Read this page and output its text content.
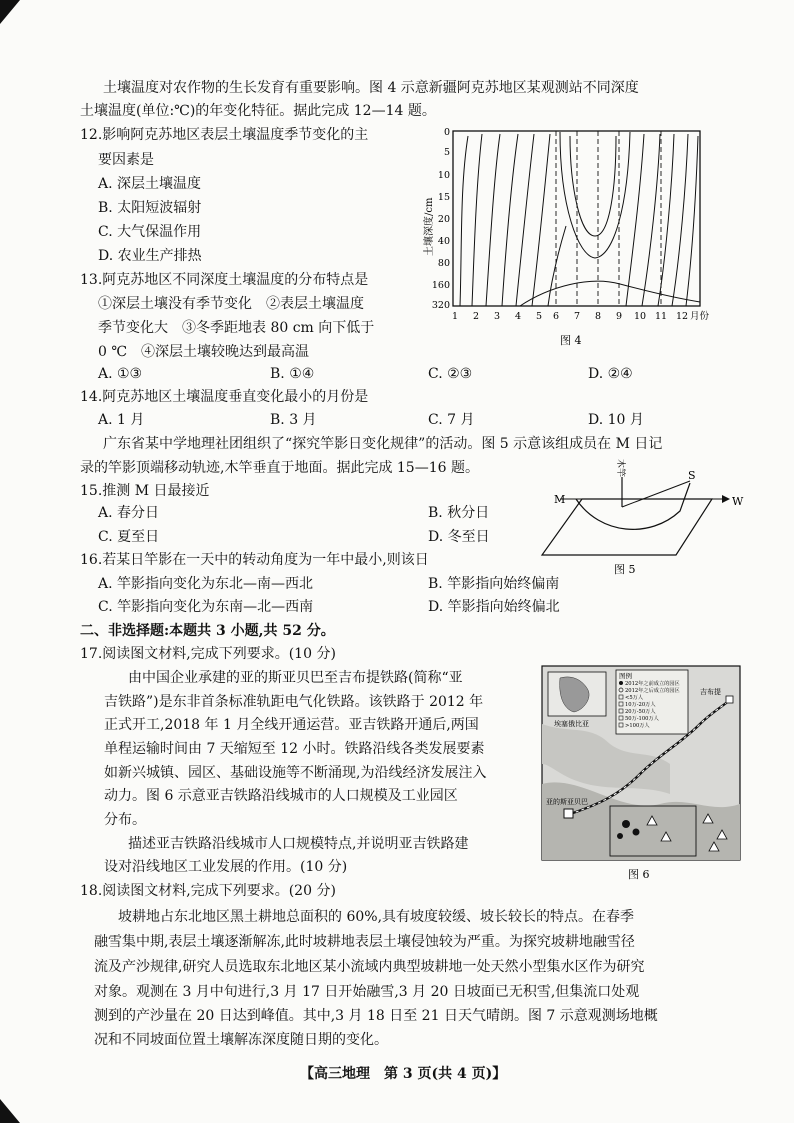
土壤温度对农作物的生长发育有重要影响。图 4 示意新疆阿克苏地区某观测站不同深度
土壤温度(单位:℃)的年变化特征。据此完成 12—14 题。
12.影响阿克苏地区表层土壤温度季节变化的主
要因素是
A. 深层土壤温度
B. 太阳短波辐射
C. 大气保温作用
D. 农业生产排热
13.阿克苏地区不同深度土壤温度的分布特点是
①深层土壤没有季节变化　②表层土壤温度
季节变化大　③冬季距地表 80 cm 向下低于
0 ℃　④深层土壤较晚达到最高温
A. ①③	B. ①④	C. ②③	D. ②④
14.阿克苏地区土壤温度垂直变化最小的月份是
A. 1 月	B. 3 月	C. 7 月	D. 10 月
广东省某中学地理社团组织了“探究竿影日变化规律”的活动。图 5 示意该组成员在 M 日记
录的竿影顶端移动轨迹,木竿垂直于地面。据此完成 15—16 题。
15.推测 M 日最接近
A. 春分日	B. 秋分日
C. 夏至日	D. 冬至日
16.若某日竿影在一天中的转动角度为一年中最小,则该日
A. 竿影指向变化为东北—南—西北	B. 竿影指向始终偏南
C. 竿影指向变化为东南—北—西南	D. 竿影指向始终偏北
二、非选择题:本题共 3 小题,共 52 分。
17.阅读图文材料,完成下列要求。(10 分)
由中国企业承建的亚的斯亚贝巴至吉布提铁路(简称“亚
吉铁路”)是东非首条标准轨距电气化铁路。该铁路于 2012 年
正式开工,2018 年 1 月全线开通运营。亚吉铁路开通后,两国
单程运输时间由 7 天缩短至 12 小时。铁路沿线各类发展要素
如新兴城镇、园区、基础设施等不断涌现,为沿线经济发展注入
动力。图 6 示意亚吉铁路沿线城市的人口规模及工业园区
分布。
描述亚吉铁路沿线城市人口规模特点,并说明亚吉铁路建
设对沿线地区工业发展的作用。(10 分)
18.阅读图文材料,完成下列要求。(20 分)
坡耕地占东北地区黑土耕地总面积的 60%,具有坡度较缓、坡长较长的特点。在春季
融雪集中期,表层土壤逐渐解冻,此时坡耕地表层土壤侵蚀较为严重。为探究坡耕地融雪径
流及产沙规律,研究人员选取东北地区某小流域内典型坡耕地一处天然小型集水区作为研究
对象。观测在 3 月中旬进行,3 月 17 日开始融雪,3 月 20 日坡面已无积雪,但集流口处观
测到的产沙量在 20 日达到峰值。其中,3 月 18 日至 21 日天气晴朗。图 7 示意观测场地概
况和不同坡面位置土壤解冻深度随日期的变化。
【高三地理　第 3 页(共 4 页)】
土壤深度/cm
0
5
10
15
20
40
80
160
320
1 2 3 4 5 6 7 8 9 10 11 12 月份
图 4
木竿
M
S
W
图 5
埃塞俄比亚
图例
2012年之前成立的园区
2012年之后成立的园区
<5万人
10万-20万人
20万-50万人
50万-100万人
>100万人
吉布提
亚的斯亚贝巴
图 6
